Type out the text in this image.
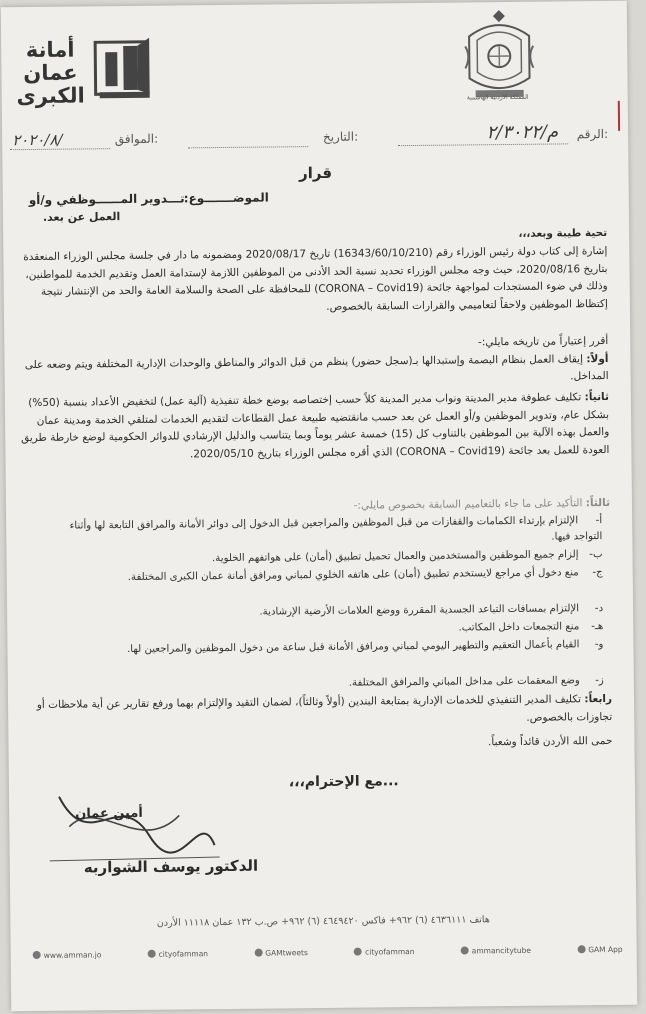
أمانة عمان الكبرى	المملكة الأردنية الهاشمية
الرقم:
م/٢/٣٠٢٢
التاريخ:
الموافق:
٢٠٢٠/٨/
قرار
الموضـــــــوع:
تـــدوير المــــــوظفي و/أو
العمل عن بعد.
تحية طيبة وبعد،،،
إشارة إلى كتاب دولة رئيس الوزراء رقم (16343/60/10/210) تاريخ 2020/08/17 ومضمونه ما دار في جلسة مجلس الوزراء المنعقدة بتاريخ 2020/08/16، حيث وجه مجلس الوزراء تحديد نسبة الحد الأدنى من الموظفين اللازمة لإستدامة العمل وتقديم الخدمة للمواطنين، وذلك في ضوء المستجدات لمواجهة جائحة (CORONA – Covid19) للمحافظة على الصحة والسلامة العامة والحد من الإنتشار نتيجة إكتظاظ الموظفين ولاحقاً لتعاميمي والقرارات السابقة بالخصوص.
أقرر إعتباراً من تاريخه مايلي:-
أولاً: إيقاف العمل بنظام البصمة وإستبدالها بـ(سجل حضور) ينظم من قبل الدوائر والمناطق والوحدات الإدارية المختلفة ويتم وضعه على المداخل.
ثانياً: تكليف عطوفة مدير المدينة ونواب مدير المدينة كلاً حسب إختصاصه بوضع خطة تنفيذية (آلية عمل) لتخفيض الأعداد بنسبة (50%) بشكل عام، وتدوير الموظفين و/أو العمل عن بعد حسب مانقتضيه طبيعة عمل القطاعات لتقديم الخدمات لمتلقي الخدمة ومدينة عمان والعمل بهذه الآلية بين الموظفين بالتناوب كل (15) خمسة عشر يوماً وبما يتناسب والدليل الإرشادي للدوائر الحكومية لوضع خارطة طريق العودة للعمل بعد جائحة (CORONA – Covid19) الذي أقره مجلس الوزراء بتاريخ 2020/05/10.
ثالثاً: التأكيد على ما جاء بالتعاميم السابقة بخصوص مايلي:-
أ-الإلتزام بإرتداء الكمامات والقفازات من قبل الموظفين والمراجعين قبل الدخول إلى دوائر الأمانة والمرافق التابعة لها وأثناء التواجد فيها.
ب-إلزام جميع الموظفين والمستخدمين والعمال تحميل تطبيق (أمان) على هواتفهم الخلوية.
ج-منع دخول أي مراجع لايستخدم تطبيق (أمان) على هاتفه الخلوي لمباني ومرافق أمانة عمان الكبرى المختلفة.
د-الإلتزام بمسافات التباعد الجسدية المقررة ووضع العلامات الأرضية الإرشادية.
هـ-منع التجمعات داخل المكاتب.
و-القيام بأعمال التعقيم والتطهير اليومي لمباني ومرافق الأمانة قبل ساعة من دخول الموظفين والمراجعين لها.
ز-وضع المعقمات على مداخل المباني والمرافق المختلفة.
رابعاً: تكليف المدير التنفيذي للخدمات الإدارية بمتابعة البندين (أولاً وثالثاً)، لضمان التقيد والإلتزام بهما ورفع تقارير عن أية ملاحظات أو تجاوزات بالخصوص.
حمى الله الأردن قائداً وشعباً.
...مع الإحترام،،،
أمين عمان
الدكتور يوسف الشواربه
هاتف ٤٦٣٦١١١ (٦) ٩٦٢+ فاكس ٤٦٤٩٤٢٠ (٦) ٩٦٢+ ص.ب ١٣٢ عمان ١١١١٨ الأردن
www.amman.jo	cityofamman	GAMtweets	cityofamman	ammancitytube	GAM App
